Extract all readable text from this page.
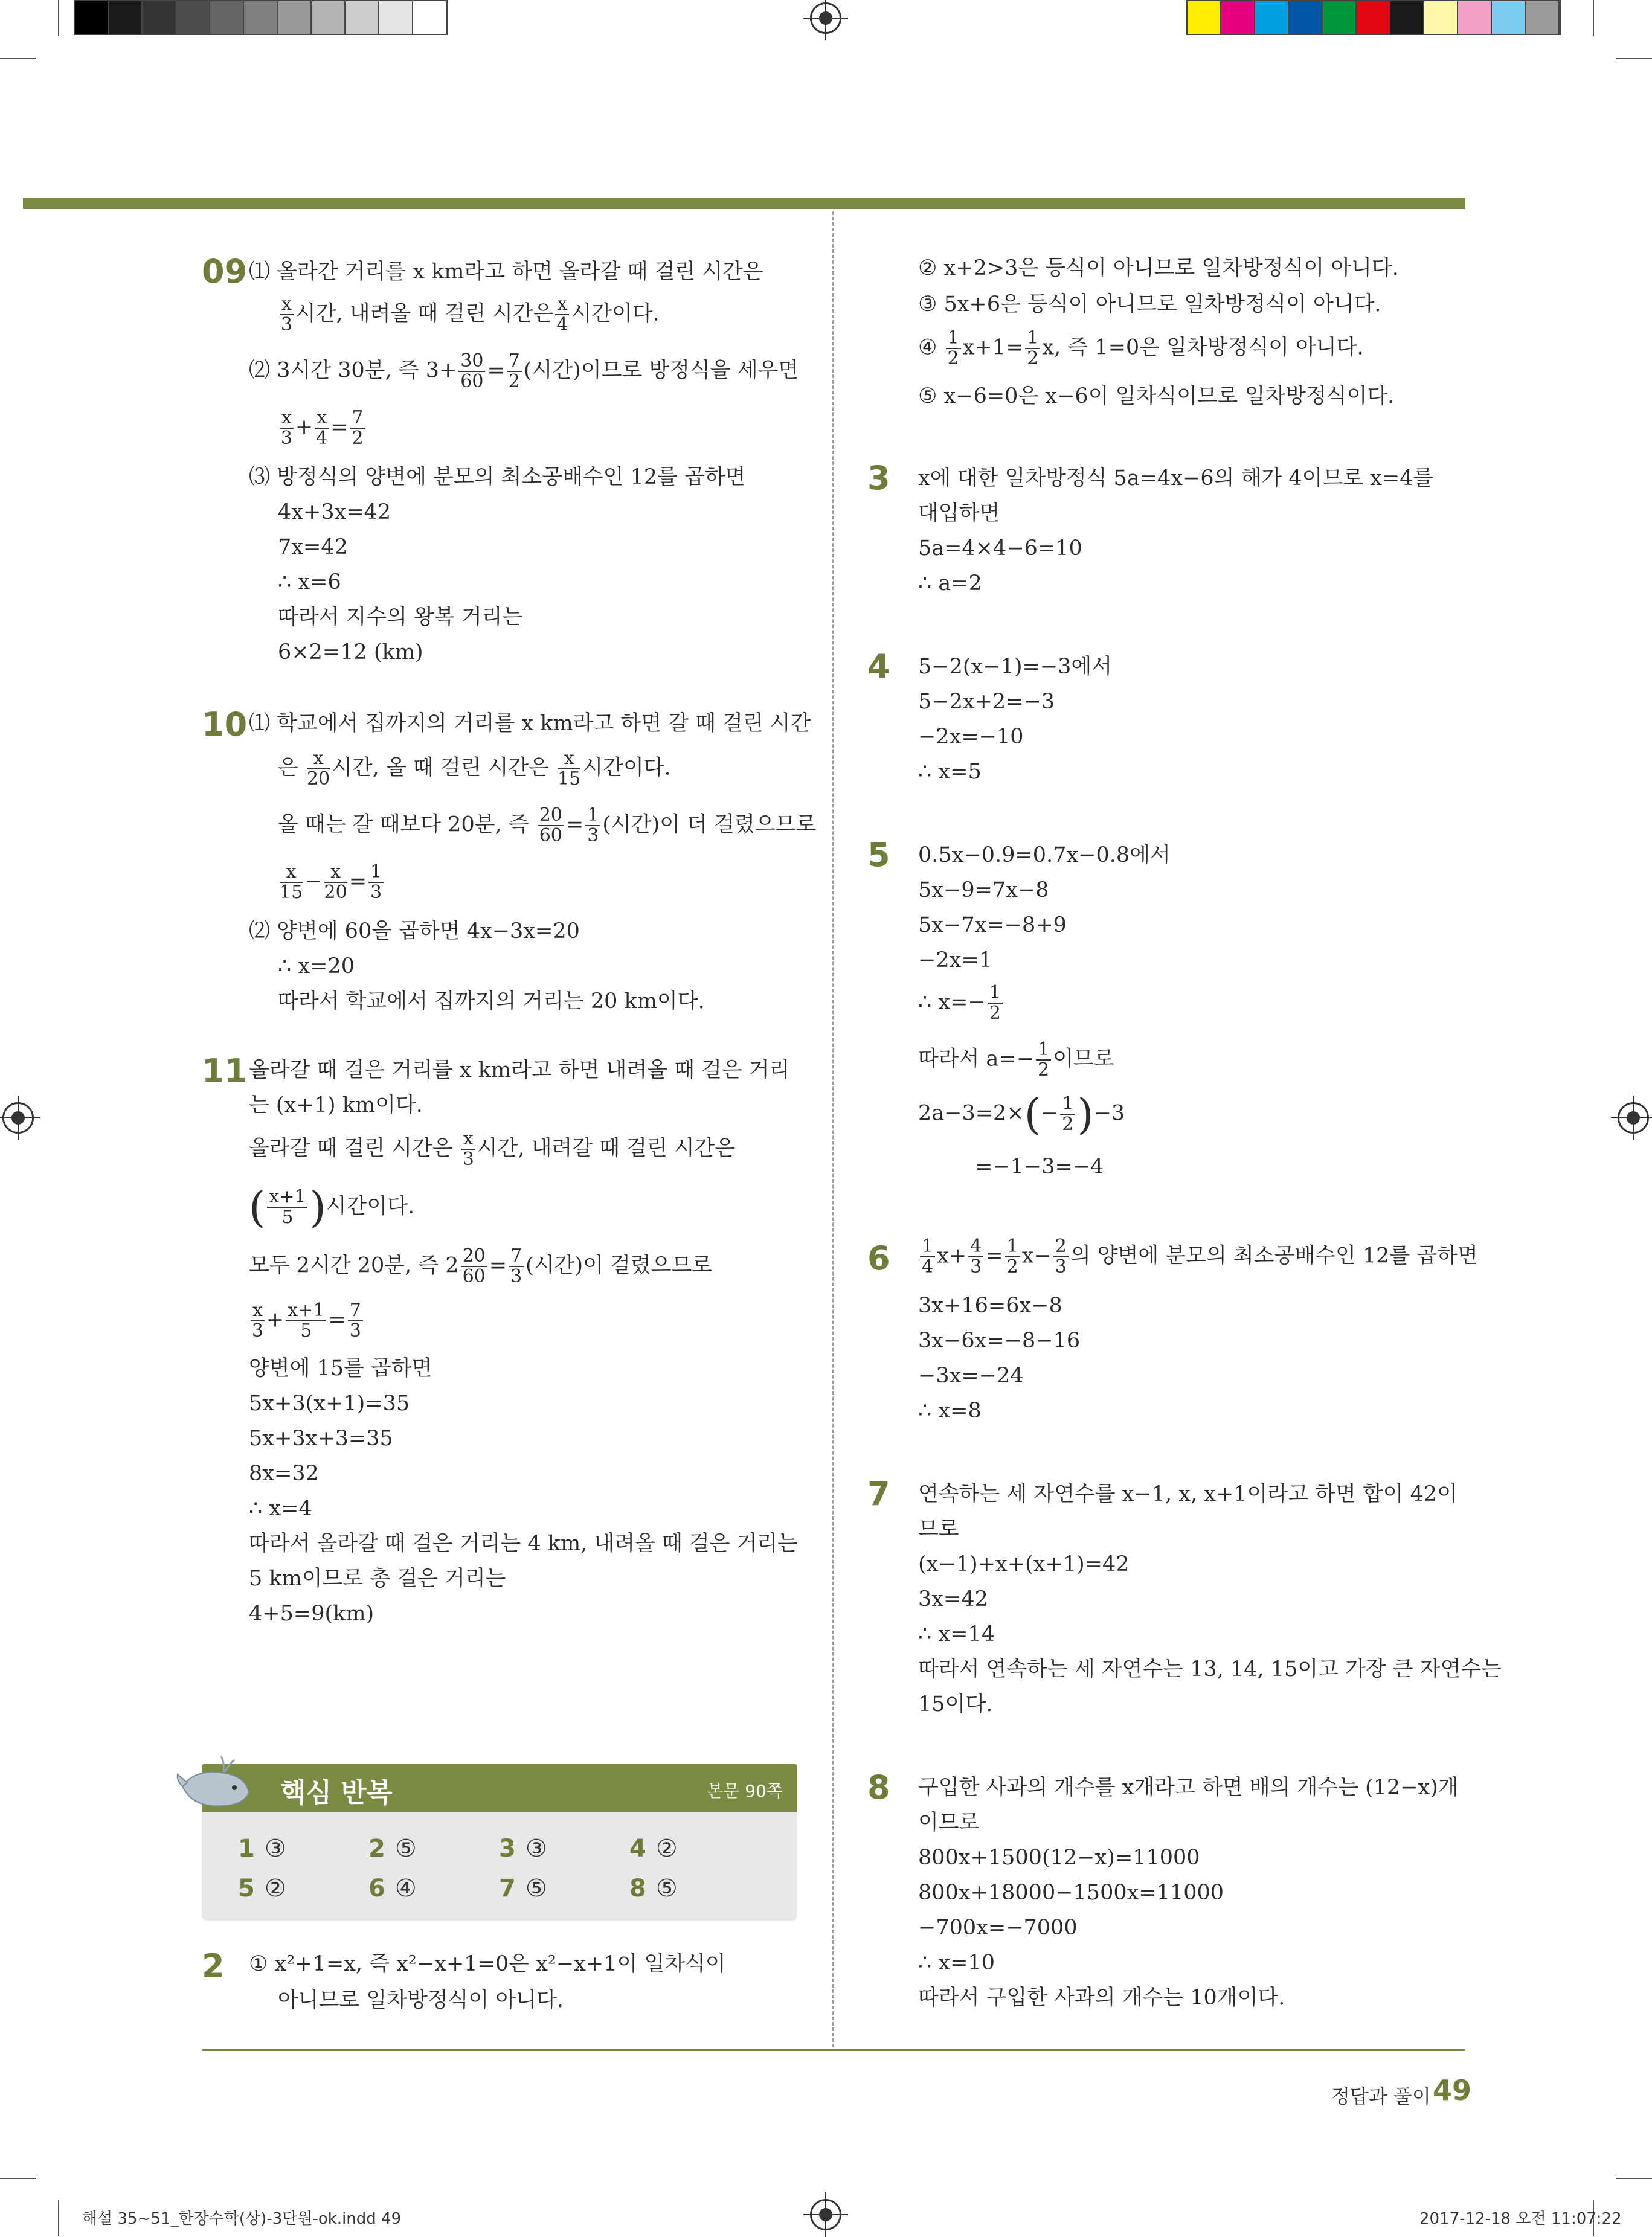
09 ⑴ 올라간 거리를 x km라고 하면 올라갈 때 걸린 시간은
$\frac{x}{3}$ 시간, 내려올 때 걸린 시간은 $\frac{x}{4}$ 시간이다.
⑵ 3시간 30분, 즉 $3+ \frac{30}{60} = \frac{7}{2}$ (시간)이므로 방정식을 세우면
$\frac{x}{3} + \frac{x}{4} = \frac{7}{2}$
⑶ 방정식의 양변에 분모의 최소공배수인 12를 곱하면
4x+3x=42
7x=42
∴ x=6
따라서 지수의 왕복 거리는
6×2=12 (km)
10 ⑴ 학교에서 집까지의 거리를 x km라고 하면 갈 때 걸린 시간
은 $\frac{x}{20}$ 시간, 올 때 걸린 시간은 $\frac{x}{15}$ 시간이다.
올 때는 갈 때보다 20분, 즉 $\frac{20}{60} = \frac{1}{3}$ (시간)이 더 걸렸으므로
$\frac{x}{15} - \frac{x}{20} = \frac{1}{3}$
⑵ 양변에 60을 곱하면 4x−3x=20
∴ x=20
따라서 학교에서 집까지의 거리는 20 km이다.
11 올라갈 때 걸은 거리를 x km라고 하면 내려올 때 걸은 거리
는 (x+1) km이다.
올라갈 때 걸린 시간은 $\frac{x}{3}$ 시간, 내려갈 때 걸린 시간은
( $\frac{x+1}{5}$ )시간이다.
모두 2시간 20분, 즉 $2 \frac{20}{60} = \frac{7}{3}$ (시간)이 걸렸으므로
$\frac{x}{3} + \frac{x+1}{5} = \frac{7}{3}$
양변에 15를 곱하면
5x+3(x+1)=35
5x+3x+3=35
8x=32
∴ x=4
따라서 올라갈 때 걸은 거리는 4 km, 내려올 때 걸은 거리는
5 km이므로 총 걸은 거리는
4+5=9(km)
핵심 반복	본문 90쪽
1 ③	2 ⑤	3 ③	4 ②
5 ②	6 ④	7 ⑤	8 ⑤
2 ① x²+1=x, 즉 x²−x+1=0은 x²−x+1이 일차식이
아니므로 일차방정식이 아니다.
② x+2>3은 등식이 아니므로 일차방정식이 아니다.
③ 5x+6은 등식이 아니므로 일차방정식이 아니다.
④ $\frac{1}{2} x+1= \frac{1}{2} x$, 즉 1=0은 일차방정식이 아니다.
⑤ x−6=0은 x−6이 일차식이므로 일차방정식이다.
3 x에 대한 일차방정식 5a=4x−6의 해가 4이므로 x=4를
대입하면
5a=4×4−6=10
∴ a=2
4 5−2(x−1)=−3에서
5−2x+2=−3
−2x=−10
∴ x=5
5 0.5x−0.9=0.7x−0.8에서
5x−9=7x−8
5x−7x=−8+9
−2x=1
∴ $x=- \frac{1}{2}$
따라서 $a=- \frac{1}{2}$ 이므로
$2a-3=2\times(- \frac{1}{2} )-3$
=−1−3=−4
$6 \frac{1}{4} x+ \frac{4}{3} = \frac{1}{2} x- \frac{2}{3}$ 의 양변에 분모의 최소공배수인 12를 곱하면
3x+16=6x−8
3x−6x=−8−16
−3x=−24
∴ x=8
7 연속하는 세 자연수를 x−1, x, x+1이라고 하면 합이 42이
므로
(x−1)+x+(x+1)=42
3x=42
∴ x=14
따라서 연속하는 세 자연수는 13, 14, 15이고 가장 큰 자연수는
15이다.
8 구입한 사과의 개수를 x개라고 하면 배의 개수는 (12−x)개
이므로
800x+1500(12−x)=11000
800x+18000−1500x=11000
−700x=−7000
∴ x=10
따라서 구입한 사과의 개수는 10개이다.
정답과 풀이 49
해설 35~51_한장수학(상)-3단원-ok.indd 49	2017-12-18 오전 11:07:22
